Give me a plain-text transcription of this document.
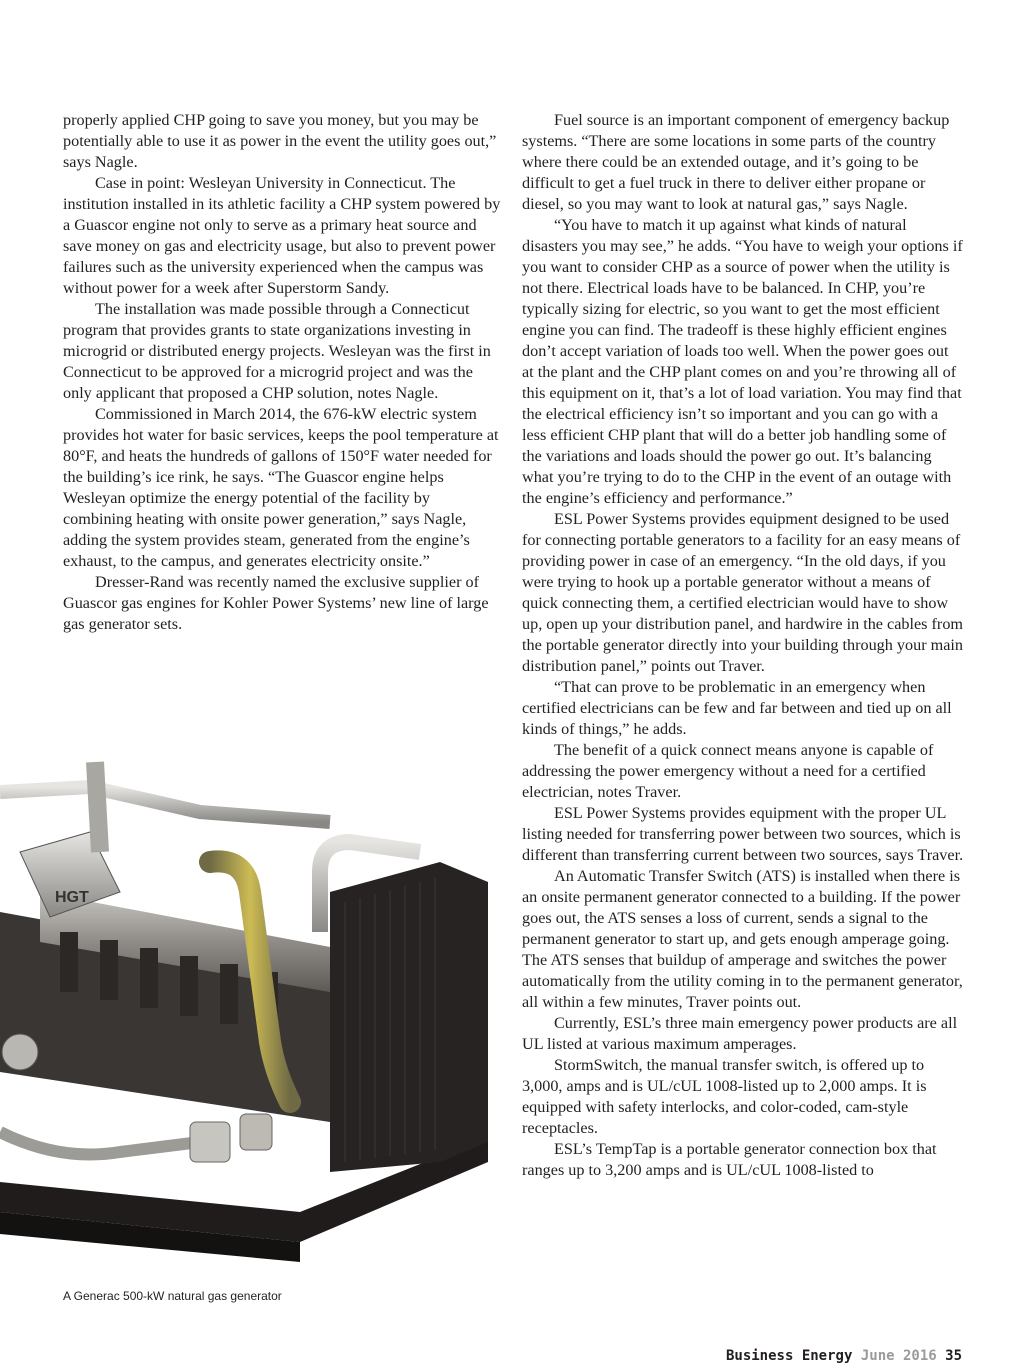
properly applied CHP going to save you money, but you may be potentially able to use it as power in the event the utility goes out,” says Nagle.

Case in point: Wesleyan University in Connecticut. The institution installed in its athletic facility a CHP system powered by a Guascor engine not only to serve as a primary heat source and save money on gas and electricity usage, but also to prevent power failures such as the university experienced when the campus was without power for a week after Superstorm Sandy.

The installation was made possible through a Connecticut program that provides grants to state organizations investing in microgrid or distributed energy projects. Wesleyan was the first in Connecticut to be approved for a microgrid project and was the only applicant that proposed a CHP solution, notes Nagle.

Commissioned in March 2014, the 676-kW electric system provides hot water for basic services, keeps the pool temperature at 80°F, and heats the hundreds of gallons of 150°F water needed for the building’s ice rink, he says. “The Guascor engine helps Wesleyan optimize the energy potential of the facility by combining heating with onsite power generation,” says Nagle, adding the system provides steam, generated from the engine’s exhaust, to the campus, and generates electricity onsite.”

Dresser-Rand was recently named the exclusive supplier of Guascor gas engines for Kohler Power Systems’ new line of large gas generator sets.

Fuel source is an important component of emergency backup systems. “There are some locations in some parts of the country where there could be an extended outage, and it’s going to be difficult to get a fuel truck in there to deliver either propane or diesel, so you may want to look at natural gas,” says Nagle.

“You have to match it up against what kinds of natural disasters you may see,” he adds. “You have to weigh your options if you want to consider CHP as a source of power when the utility is not there. Electrical loads have to be balanced. In CHP, you’re typically sizing for electric, so you want to get the most efficient engine you can find. The tradeoff is these highly efficient engines don’t accept variation of loads too well. When the power goes out at the plant and the CHP plant comes on and you’re throwing all of this equipment on it, that’s a lot of load variation. You may find that the electrical efficiency isn’t so important and you can go with a less efficient CHP plant that will do a better job handling some of the variations and loads should the power go out. It’s balancing what you’re trying to do to the CHP in the event of an outage with the engine’s efficiency and performance.”

ESL Power Systems provides equipment designed to be used for connecting portable generators to a facility for an easy means of providing power in case of an emergency. “In the old days, if you were trying to hook up a portable generator without a means of quick connecting them, a certified electrician would have to show up, open up your distribution panel, and hardwire in the cables from the portable generator directly into your building through your main distribution panel,” points out Traver.

“That can prove to be problematic in an emergency when certified electricians can be few and far between and tied up on all kinds of things,” he adds.

The benefit of a quick connect means anyone is capable of addressing the power emergency without a need for a certified electrician, notes Traver.

ESL Power Systems provides equipment with the proper UL listing needed for transferring power between two sources, which is different than transferring current between two sources, says Traver.

An Automatic Transfer Switch (ATS) is installed when there is an onsite permanent generator connected to a building. If the power goes out, the ATS senses a loss of current, sends a signal to the permanent generator to start up, and gets enough amperage going. The ATS senses that buildup of amperage and switches the power automatically from the utility coming in to the permanent generator, all within a few minutes, Traver points out.

Currently, ESL’s three main emergency power products are all UL listed at various maximum amperages.

StormSwitch, the manual transfer switch, is offered up to 3,000, amps and is UL/cUL 1008-listed up to 2,000 amps. It is equipped with safety interlocks, and color-coded, cam-style receptacles.

ESL’s TempTap is a portable generator connection box that ranges up to 3,200 amps and is UL/cUL 1008-listed to

HGT
A Generac 500-kW natural gas generator
Business Energy June 2016 35
